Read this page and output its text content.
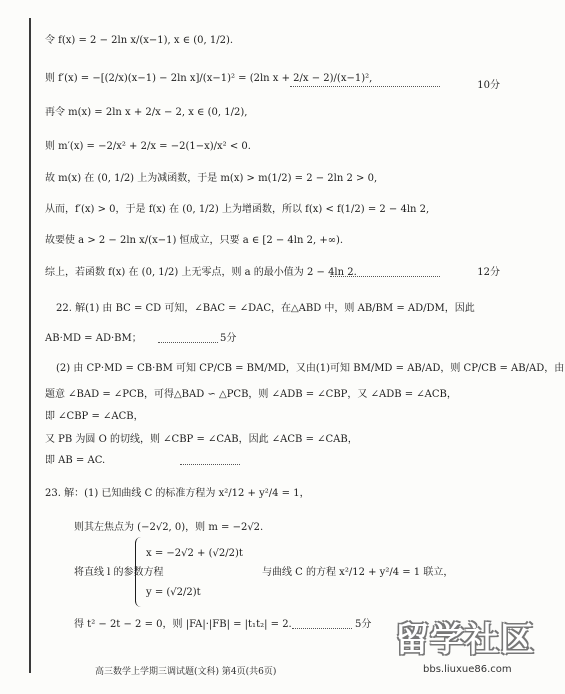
令 f(x) = 2 − 2ln x/(x−1), x ∈ (0, 1/2).
则 f′(x) = −[(2/x)(x−1) − 2ln x]/(x−1)² = (2ln x + 2/x − 2)/(x−1)²,
10分
再令 m(x) = 2ln x + 2/x − 2, x ∈ (0, 1/2),
则 m′(x) = −2/x² + 2/x = −2(1−x)/x² < 0.
故 m(x) 在 (0, 1/2) 上为减函数，于是 m(x) > m(1/2) = 2 − 2ln 2 > 0,
从而，f′(x) > 0，于是 f(x) 在 (0, 1/2) 上为增函数，所以 f(x) < f(1/2) = 2 − 4ln 2,
故要使 a > 2 − 2ln x/(x−1) 恒成立，只要 a ∈ [2 − 4ln 2, +∞).
综上，若函数 f(x) 在 (0, 1/2) 上无零点，则 a 的最小值为 2 − 4ln 2.	12分
22. 解(1) 由 BC = CD 可知，∠BAC = ∠DAC，在△ABD 中，则 AB/BM = AD/DM，因此
AB·MD = AD·BM；	5分
(2) 由 CP·MD = CB·BM 可知 CP/CB = BM/MD，又由(1)可知 BM/MD = AB/AD，则 CP/CB = AB/AD，由
题意 ∠BAD = ∠PCB，可得△BAD ∽ △PCB，则 ∠ADB = ∠CBP，又 ∠ADB = ∠ACB，
即 ∠CBP = ∠ACB，
又 PB 为圆 O 的切线，则 ∠CBP = ∠CAB，因此 ∠ACB = ∠CAB，
即 AB = AC.
23. 解：(1) 已知曲线 C 的标准方程为 x²/12 + y²/4 = 1，
则其左焦点为 (−2√2, 0)，则 m = −2√2.
x = −2√2 + (√2/2)t
将直线 l 的参数方程	与曲线 C 的方程 x²/12 + y²/4 = 1 联立，
y = (√2/2)t
得 t² − 2t − 2 = 0，则 |FA|·|FB| = |t₁t₂| = 2.	5分
高三数学上学期三调试题(文科) 第4页(共6页)
留学社区
bbs.liuxue86.com
